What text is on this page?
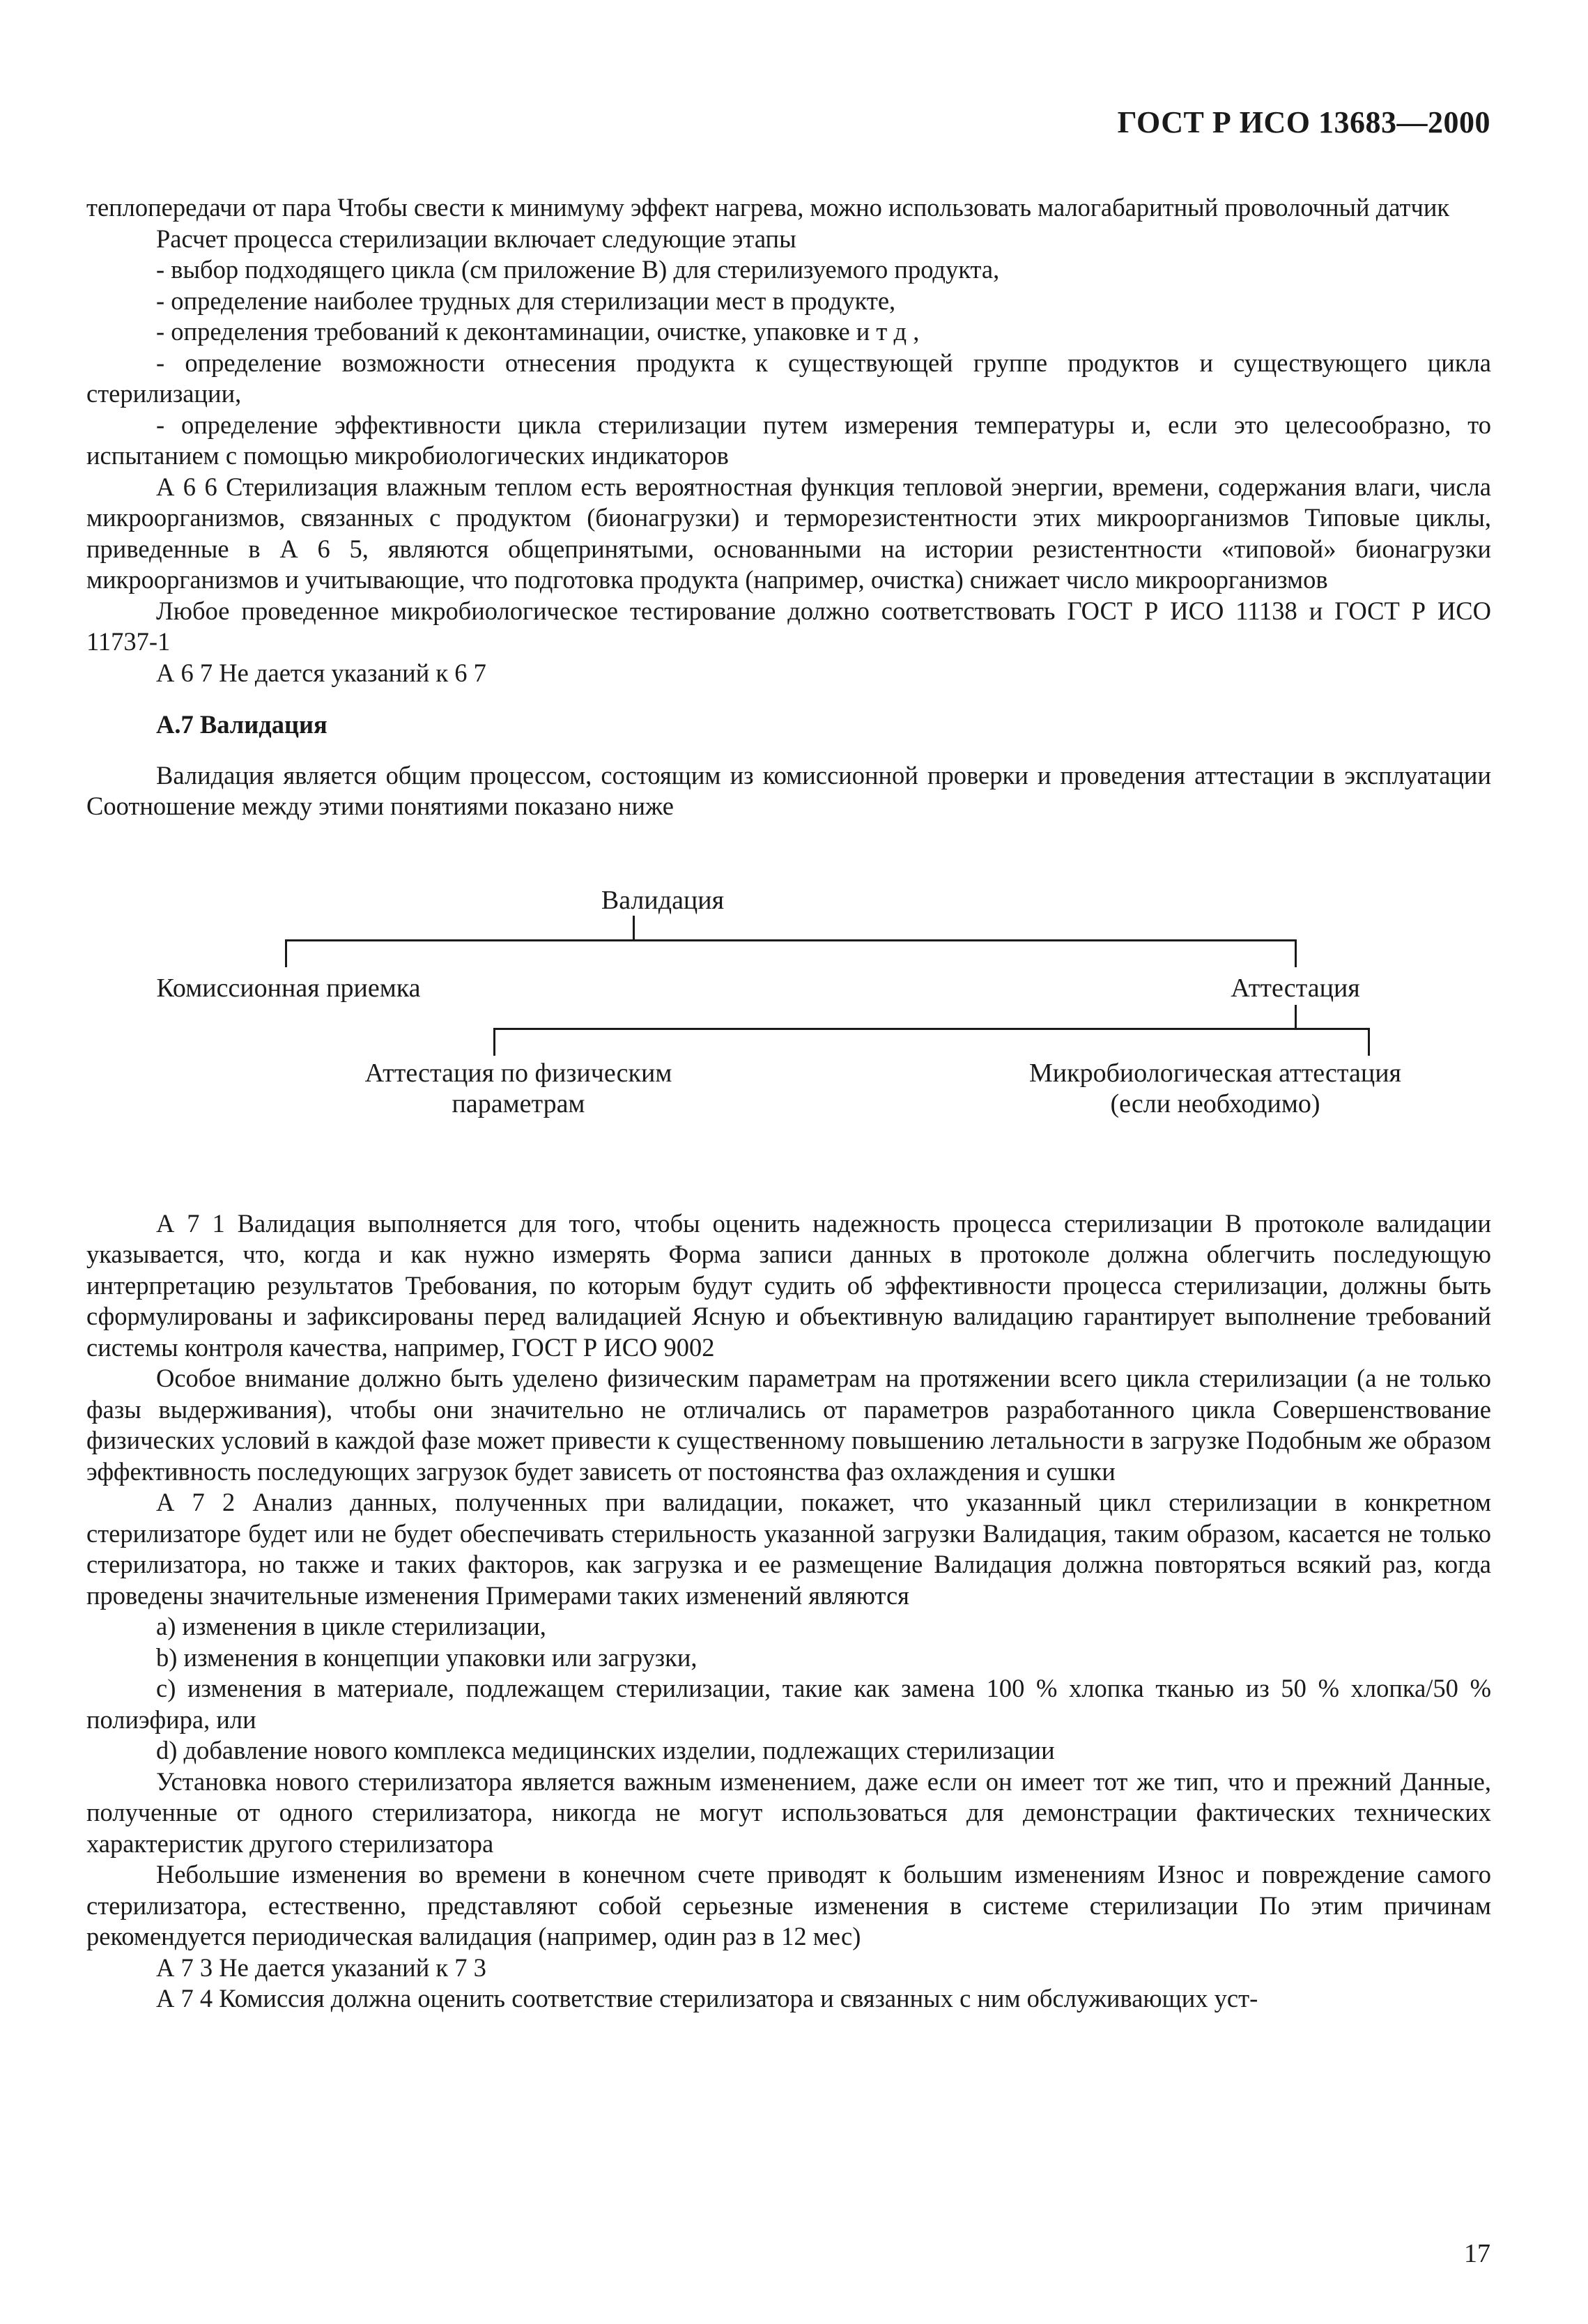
ГОСТ Р ИСО 13683—2000

теплопередачи от пара Чтобы свести к минимуму эффект нагрева, можно использовать малогабаритный проволочный датчик

Расчет процесса стерилизации включает следующие этапы

- выбор подходящего цикла (см приложение В) для стерилизуемого продукта,

- определение наиболее трудных для стерилизации мест в продукте,

- определения требований к деконтаминации, очистке, упаковке и т д ,

- определение возможности отнесения продукта к существующей группе продуктов и существующего цикла стерилизации,

- определение эффективности цикла стерилизации путем измерения температуры и, если это целесообразно, то испытанием с помощью микробиологических индикаторов

А 6 6 Стерилизация влажным теплом есть вероятностная функция тепловой энергии, времени, содержания влаги, числа микроорганизмов, связанных с продуктом (бионагрузки) и терморезистентности этих микроорганизмов Типовые циклы, приведенные в А 6 5, являются общепринятыми, основанными на истории резистентности «типовой» бионагрузки микроорганизмов и учитывающие, что подготовка продукта (например, очистка) снижает число микроорганизмов

Любое проведенное микробиологическое тестирование должно соответствовать ГОСТ Р ИСО 11138 и ГОСТ Р ИСО 11737-1

А 6 7 Не дается указаний к 6 7

А.7 Валидация

Валидация является общим процессом, состоящим из комиссионной проверки и проведения аттестации в эксплуатации Соотношение между этими понятиями показано ниже

Валидация
Комиссионная приемка	Аттестация
Аттестация по физическим
параметрам
Микробиологическая аттестация
(если необходимо)

А 7 1 Валидация выполняется для того, чтобы оценить надежность процесса стерилизации В протоколе валидации указывается, что, когда и как нужно измерять Форма записи данных в протоколе должна облегчить последующую интерпретацию результатов Требования, по которым будут судить об эффективности процесса стерилизации, должны быть сформулированы и зафиксированы перед валидацией Ясную и объективную валидацию гарантирует выполнение требований системы контроля качества, например, ГОСТ Р ИСО 9002

Особое внимание должно быть уделено физическим параметрам на протяжении всего цикла стерилизации (а не только фазы выдерживания), чтобы они значительно не отличались от параметров разработанного цикла Совершенствование физических условий в каждой фазе может привести к существенному повышению летальности в загрузке Подобным же образом эффективность последующих загрузок будет зависеть от постоянства фаз охлаждения и сушки

А 7 2 Анализ данных, полученных при валидации, покажет, что указанный цикл стерилизации в конкретном стерилизаторе будет или не будет обеспечивать стерильность указанной загрузки Валидация, таким образом, касается не только стерилизатора, но также и таких факторов, как загрузка и ее размещение Валидация должна повторяться всякий раз, когда проведены значительные изменения Примерами таких изменений являются

a) изменения в цикле стерилизации,

b) изменения в концепции упаковки или загрузки,

c) изменения в материале, подлежащем стерилизации, такие как замена 100 % хлопка тканью из 50 % хлопка/50 % полиэфира, или

d) добавление нового комплекса медицинских изделии, подлежащих стерилизации

Установка нового стерилизатора является важным изменением, даже если он имеет тот же тип, что и прежний Данные, полученные от одного стерилизатора, никогда не могут использоваться для демонстрации фактических технических характеристик другого стерилизатора

Небольшие изменения во времени в конечном счете приводят к большим изменениям Износ и повреждение самого стерилизатора, естественно, представляют собой серьезные изменения в системе стерилизации По этим причинам рекомендуется периодическая валидация (например, один раз в 12 мес)

А 7 3 Не дается указаний к 7 3

А 7 4 Комиссия должна оценить соответствие стерилизатора и связанных с ним обслуживающих уст-

17
